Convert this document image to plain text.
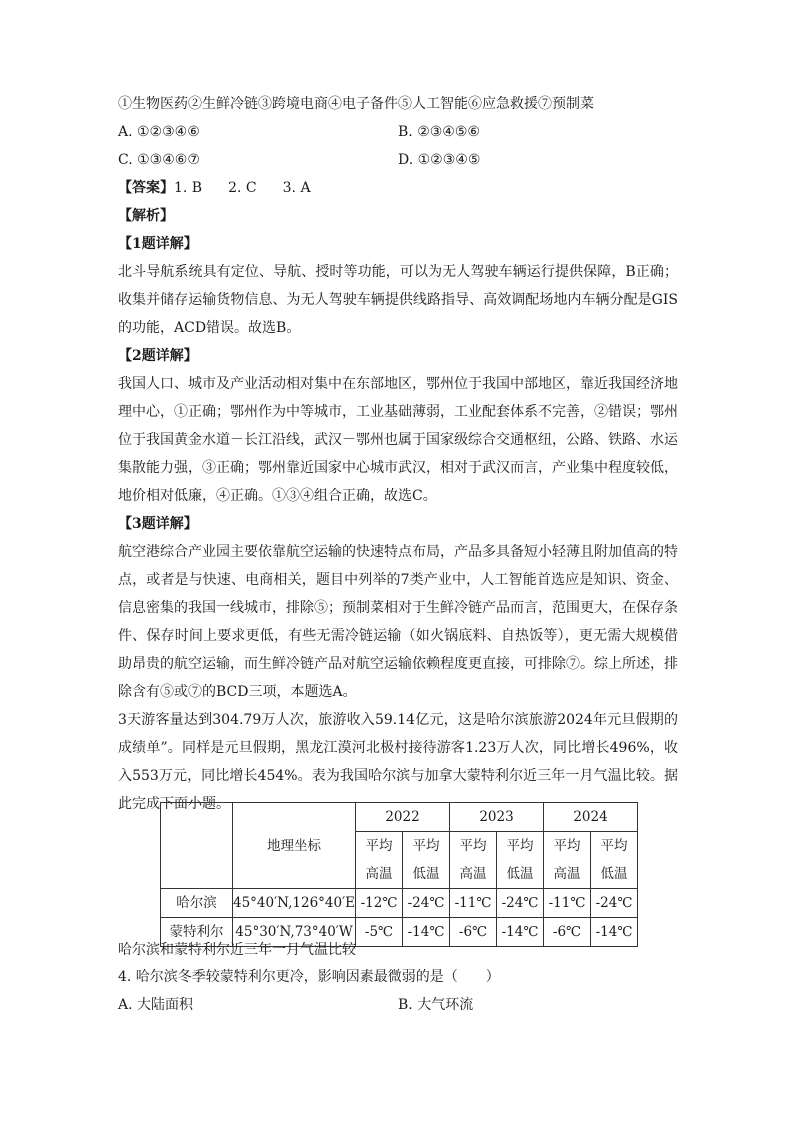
①生物医药②生鲜冷链③跨境电商④电子备件⑤人工智能⑥应急救援⑦预制菜
A. ①②③④⑥	B. ②③④⑤⑥
C. ①③④⑥⑦	D. ①②③④⑤
【答案】1. B 2. C 3. A
【解析】
【1题详解】
北斗导航系统具有定位、导航、授时等功能，可以为无人驾驶车辆运行提供保障，B正确；收集并储存运输货物信息、为无人驾驶车辆提供线路指导、高效调配场地内车辆分配是GIS的功能，ACD错误。故选B。
【2题详解】
我国人口、城市及产业活动相对集中在东部地区，鄂州位于我国中部地区，靠近我国经济地理中心，①正确；鄂州作为中等城市，工业基础薄弱，工业配套体系不完善，②错误；鄂州位于我国黄金水道－长江沿线，武汉－鄂州也属于国家级综合交通枢纽，公路、铁路、水运集散能力强，③正确；鄂州靠近国家中心城市武汉，相对于武汉而言，产业集中程度较低，地价相对低廉，④正确。①③④组合正确，故选C。
【3题详解】
航空港综合产业园主要依靠航空运输的快速特点布局，产品多具备短小轻薄且附加值高的特点，或者是与快速、电商相关，题目中列举的7类产业中，人工智能首选应是知识、资金、信息密集的我国一线城市，排除⑤；预制菜相对于生鲜冷链产品而言，范围更大，在保存条件、保存时间上要求更低，有些无需冷链运输（如火锅底料、自热饭等），更无需大规模借助昂贵的航空运输，而生鲜冷链产品对航空运输依赖程度更直接，可排除⑦。综上所述，排除含有⑤或⑦的BCD三项，本题选A。
3天游客量达到304.79万人次，旅游收入59.14亿元，这是哈尔滨旅游2024年元旦假期的成绩单”。同样是元旦假期，黑龙江漠河北极村接待游客1.23万人次，同比增长496%，收入553万元，同比增长454%。表为我国哈尔滨与加拿大蒙特利尔近三年一月气温比较。据此完成下面小题。
	地理坐标	2022		2023		2024	
		平均	平均	平均	平均	平均	平均
		高温	低温	高温	低温	高温	低温
哈尔滨	45°40′N,126°40′E	-12℃	-24℃	-11℃	-24℃	-11℃	-24℃
蒙特利尔	45°30′N,73°40′W	-5℃	-14℃	-6℃	-14℃	-6℃	-14℃
哈尔滨和蒙特利尔近三年一月气温比较
4. 哈尔滨冬季较蒙特利尔更冷，影响因素最微弱的是（　　）
A. 大陆面积	B. 大气环流
